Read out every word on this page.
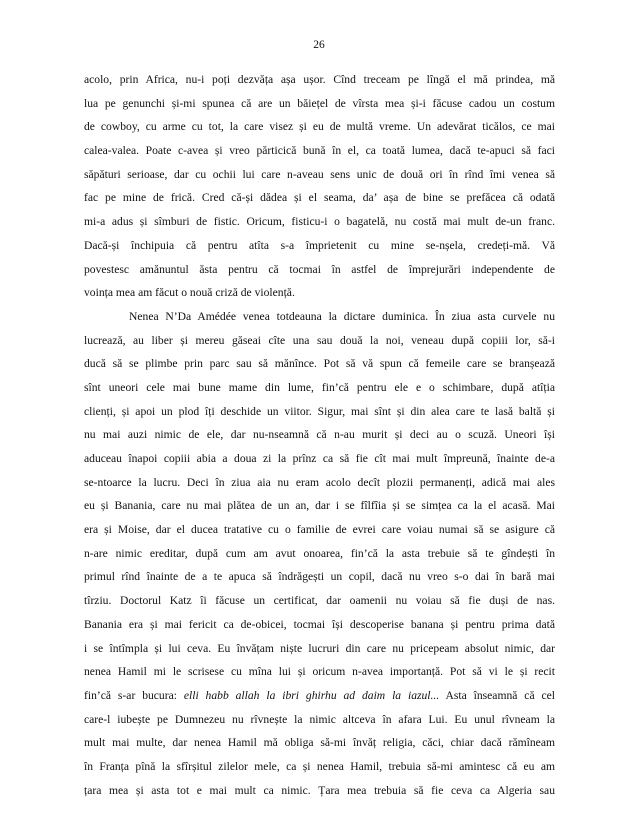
26
acolo, prin Africa, nu-i poți dezvăța așa ușor. Cînd treceam pe lîngă el mă prindea, mă
lua pe genunchi și-mi spunea că are un băiețel de vîrsta mea și-i făcuse cadou un costum
de cowboy, cu arme cu tot, la care visez și eu de multă vreme. Un adevărat ticălos, ce mai
calea-valea. Poate c-avea și vreo părticică bună în el, ca toată lumea, dacă te-apuci să faci
săpături serioase, dar cu ochii lui care n-aveau sens unic de două ori în rînd îmi venea să
fac pe mine de frică. Cred că-și dădea și el seama, da’ așa de bine se prefăcea că odată
mi-a adus și sîmburi de fistic. Oricum, fisticu-i o bagatelă, nu costă mai mult de-un franc.
Dacă-și închipuia că pentru atîta s-a împrietenit cu mine se-nșela, credeți-mă. Vă
povestesc amănuntul ăsta pentru că tocmai în astfel de împrejurări independente de
voința mea am făcut o nouă criză de violență.
Nenea N’Da Amédée venea totdeauna la dictare duminica. În ziua asta curvele nu
lucrează, au liber și mereu găseai cîte una sau două la noi, veneau după copiii lor, să-i
ducă să se plimbe prin parc sau să mănînce. Pot să vă spun că femeile care se branșează
sînt uneori cele mai bune mame din lume, fin’că pentru ele e o schimbare, după atîția
clienți, și apoi un plod îți deschide un viitor. Sigur, mai sînt și din alea care te lasă baltă și
nu mai auzi nimic de ele, dar nu-nseamnă că n-au murit și deci au o scuză. Uneori își
aduceau înapoi copiii abia a doua zi la prînz ca să fie cît mai mult împreună, înainte de-a
se-ntoarce la lucru. Deci în ziua aia nu eram acolo decît plozii permanenți, adică mai ales
eu și Banania, care nu mai plătea de un an, dar i se fîlfîia și se simțea ca la el acasă. Mai
era și Moise, dar el ducea tratative cu o familie de evrei care voiau numai să se asigure că
n-are nimic ereditar, după cum am avut onoarea, fin’că la asta trebuie să te gîndești în
primul rînd înainte de a te apuca să îndrăgești un copil, dacă nu vreo s-o dai în bară mai
tîrziu. Doctorul Katz îi făcuse un certificat, dar oamenii nu voiau să fie duși de nas.
Banania era și mai fericit ca de-obicei, tocmai își descoperise banana și pentru prima dată
i se întîmpla și lui ceva. Eu învățam niște lucruri din care nu pricepeam absolut nimic, dar
nenea Hamil mi le scrisese cu mîna lui și oricum n-avea importanță. Pot să vi le și recit
fin’că s-ar bucura: elli habb allah la ibri ghirhu ad daim la iazul... Asta înseamnă că cel
care-l iubește pe Dumnezeu nu rîvnește la nimic altceva în afara Lui. Eu unul rîvneam la
mult mai multe, dar nenea Hamil mă obliga să-mi învăț religia, căci, chiar dacă rămîneam
în Franța pînă la sfîrșitul zilelor mele, ca și nenea Hamil, trebuia să-mi amintesc că eu am
țara mea și asta tot e mai mult ca nimic. Țara mea trebuia să fie ceva ca Algeria sau
